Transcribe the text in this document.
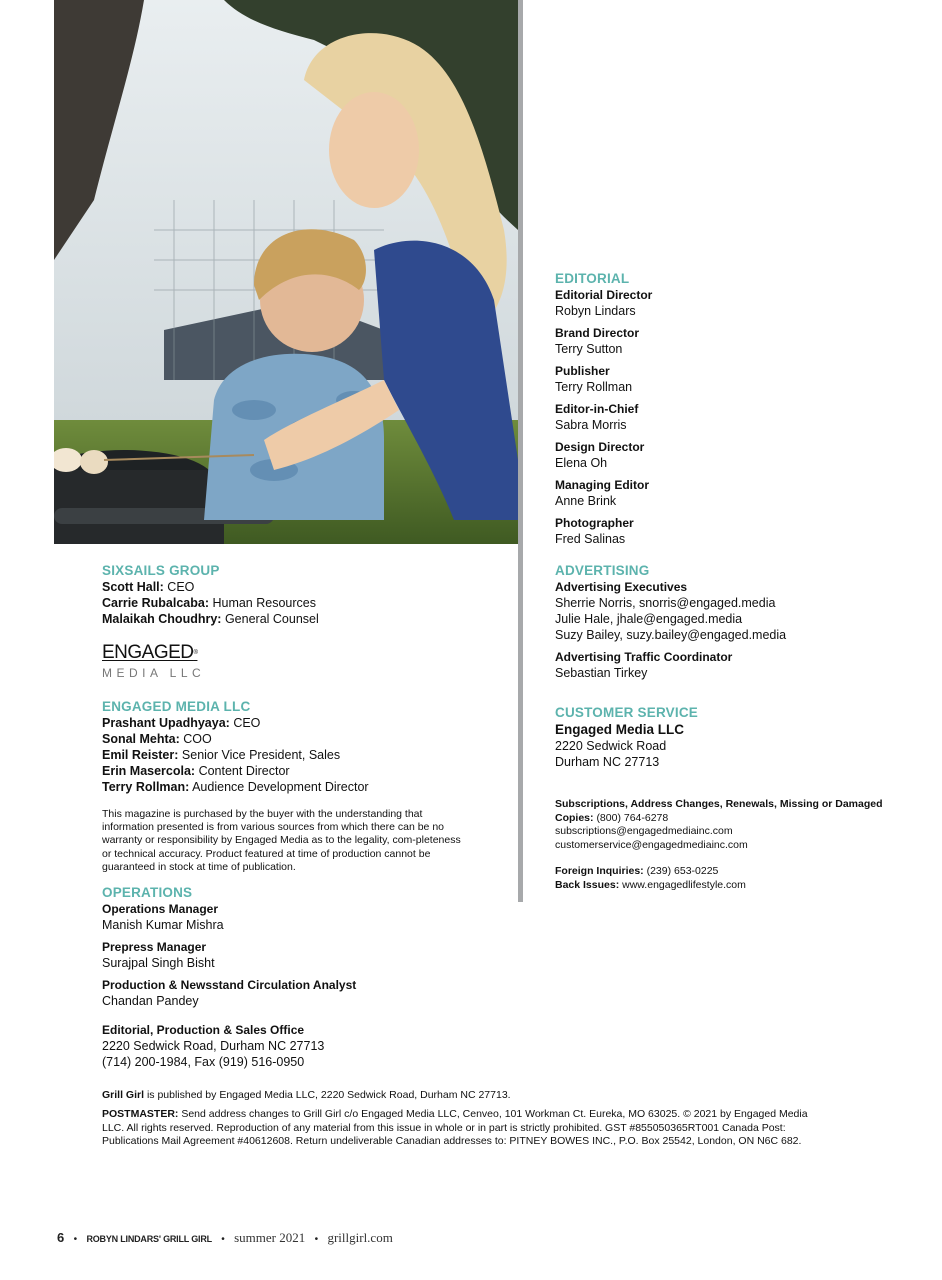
EDITORIAL
Editorial Director
Robyn Lindars
Brand Director
Terry Sutton
Publisher
Terry Rollman
Editor-in-Chief
Sabra Morris
Design Director
Elena Oh
Managing Editor
Anne Brink
Photographer
Fred Salinas
ADVERTISING
Advertising Executives
Sherrie Norris, snorris@engaged.media
Julie Hale, jhale@engaged.media
Suzy Bailey, suzy.bailey@engaged.media
Advertising Traffic Coordinator
Sebastian Tirkey
CUSTOMER SERVICE
Engaged Media LLC
2220 Sedwick Road
Durham NC 27713
Subscriptions, Address Changes, Renewals, Missing or Damaged Copies: (800) 764-6278
subscriptions@engagedmediainc.com
customerservice@engagedmediainc.com
Foreign Inquiries: (239) 653-0225
Back Issues: www.engagedlifestyle.com
SIXSAILS GROUP
Scott Hall: CEO
Carrie Rubalcaba: Human Resources
Malaikah Choudhry: General Counsel
ENGAGED®
MEDIA LLC
ENGAGED MEDIA LLC
Prashant Upadhyaya: CEO
Sonal Mehta: COO
Emil Reister: Senior Vice President, Sales
Erin Masercola: Content Director
Terry Rollman: Audience Development Director
This magazine is purchased by the buyer with the understanding that information presented is from various sources from which there can be no warranty or responsibility by Engaged Media as to the legality, com-pleteness or technical accuracy. Product featured at time of production cannot be guaranteed in stock at time of publication.
OPERATIONS
Operations Manager
Manish Kumar Mishra
Prepress Manager
Surajpal Singh Bisht
Production & Newsstand Circulation Analyst
Chandan Pandey
Editorial, Production & Sales Office
2220 Sedwick Road, Durham NC 27713
(714) 200-1984, Fax (919) 516-0950
Grill Girl is published by Engaged Media LLC, 2220 Sedwick Road, Durham NC 27713.
POSTMASTER: Send address changes to Grill Girl c/o Engaged Media LLC, Cenveo, 101 Workman Ct. Eureka, MO 63025. © 2021 by Engaged Media LLC. All rights reserved. Reproduction of any material from this issue in whole or in part is strictly prohibited. GST #855050365RT001 Canada Post: Publications Mail Agreement #40612608. Return undeliverable Canadian addresses to: PITNEY BOWES INC., P.O. Box 25542, London, ON N6C 682.
6 • ROBYN LINDARS' GRILL GIRL • summer 2021 • grillgirl.com
